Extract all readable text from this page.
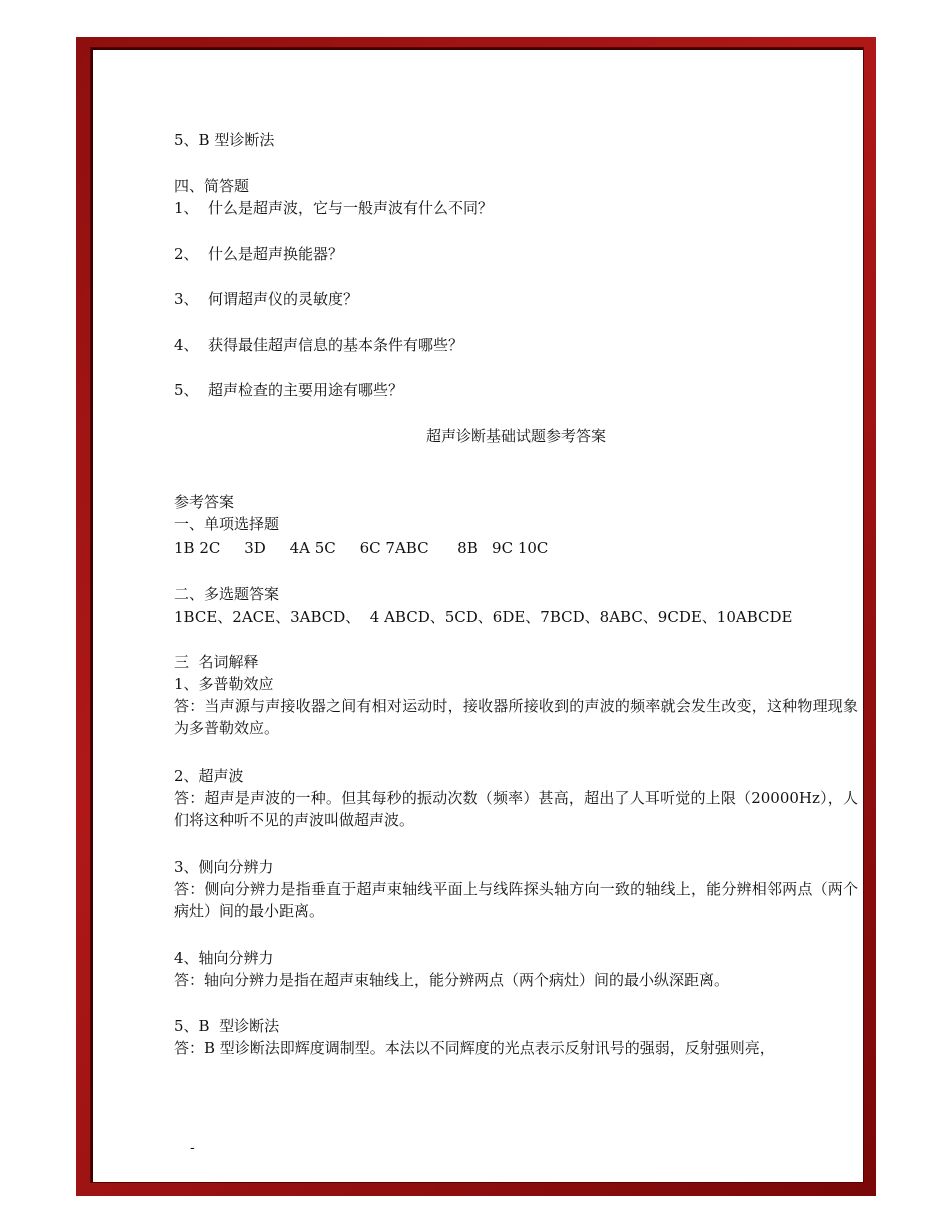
5、B 型诊断法
四、简答题
1、 什么是超声波，它与一般声波有什么不同？
2、 什么是超声换能器？
3、 何谓超声仪的灵敏度？
4、 获得最佳超声信息的基本条件有哪些？
5、 超声检查的主要用途有哪些？
超声诊断基础试题参考答案
参考答案
一、单项选择题
1B 2C     3D     4A 5C     6C 7ABC      8B   9C 10C
二、多选题答案
1BCE、2ACE、3ABCD、  4 ABCD、5CD、6DE、7BCD、8ABC、9CDE、10ABCDE
三  名词解释
1、多普勒效应
答：当声源与声接收器之间有相对运动时，接收器所接收到的声波的频率就会发生改变，这种物理现象为多普勒效应。
2、超声波
答：超声是声波的一种。但其每秒的振动次数（频率）甚高，超出了人耳听觉的上限（20000Hz），人们将这种听不见的声波叫做超声波。
3、侧向分辨力
答：侧向分辨力是指垂直于超声束轴线平面上与线阵探头轴方向一致的轴线上，能分辨相邻两点（两个病灶）间的最小距离。
4、轴向分辨力
答：轴向分辨力是指在超声束轴线上，能分辨两点（两个病灶）间的最小纵深距离。
5、B  型诊断法
答：B 型诊断法即辉度调制型。本法以不同辉度的光点表示反射讯号的强弱，反射强则亮，
-
